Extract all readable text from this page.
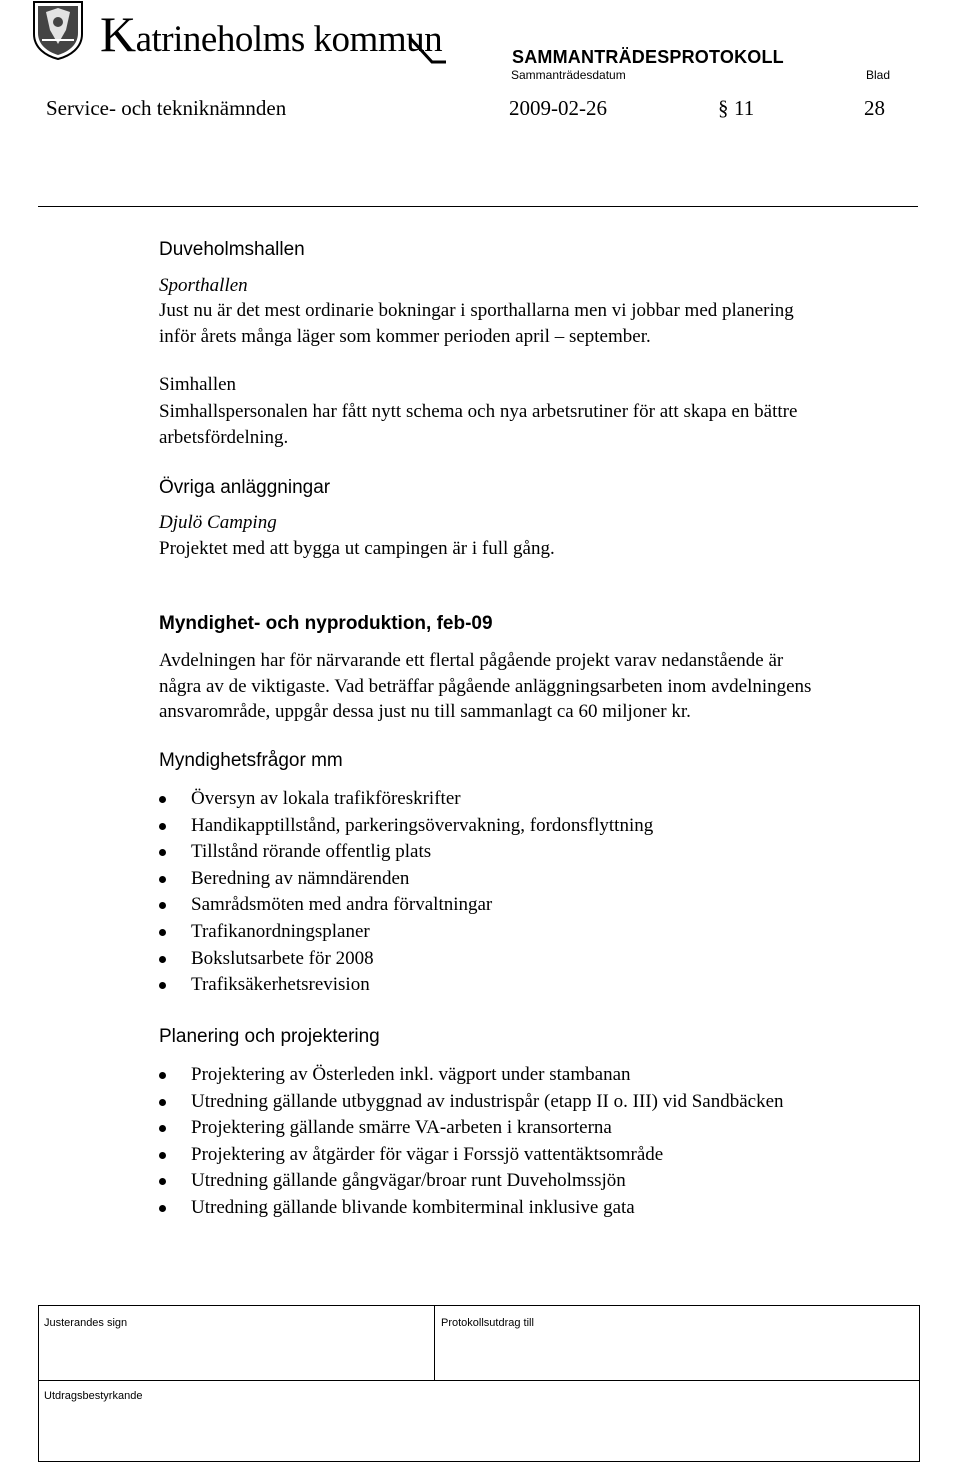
Katrineholms kommun	SAMMANTRÄDESPROTOKOLL
Sammanträdesdatum	Blad
Service- och tekniknämnden	2009-02-26	§ 11	28
Duveholmshallen
Sporthallen
Just nu är det mest ordinarie bokningar i sporthallarna men vi jobbar med planering
inför årets många läger som kommer perioden april – september.
Simhallen
Simhallspersonalen har fått nytt schema och nya arbetsrutiner för att skapa en bättre
arbetsfördelning.
Övriga anläggningar
Djulö Camping
Projektet med att bygga ut campingen är i full gång.
Myndighet- och nyproduktion, feb-09
Avdelningen har för närvarande ett flertal pågående projekt varav nedanstående är
några av de viktigaste. Vad beträffar pågående anläggningsarbeten inom avdelningens
ansvarområde, uppgår dessa just nu till sammanlagt ca 60 miljoner kr.
Myndighetsfrågor mm
Översyn av lokala trafikföreskrifter
Handikapptillstånd, parkeringsövervakning, fordonsflyttning
Tillstånd rörande offentlig plats
Beredning av nämndärenden
Samrådsmöten med andra förvaltningar
Trafikanordningsplaner
Bokslutsarbete för 2008
Trafiksäkerhetsrevision
Planering och projektering
Projektering av Österleden inkl. vägport under stambanan
Utredning gällande utbyggnad av industrispår (etapp II o. III) vid Sandbäcken
Projektering gällande smärre VA-arbeten i kransorterna
Projektering av åtgärder för vägar i Forssjö vattentäktsområde
Utredning gällande gångvägar/broar runt Duveholmssjön
Utredning gällande blivande kombiterminal inklusive gata
Justerandes sign	Protokollsutdrag till
Utdragsbestyrkande
